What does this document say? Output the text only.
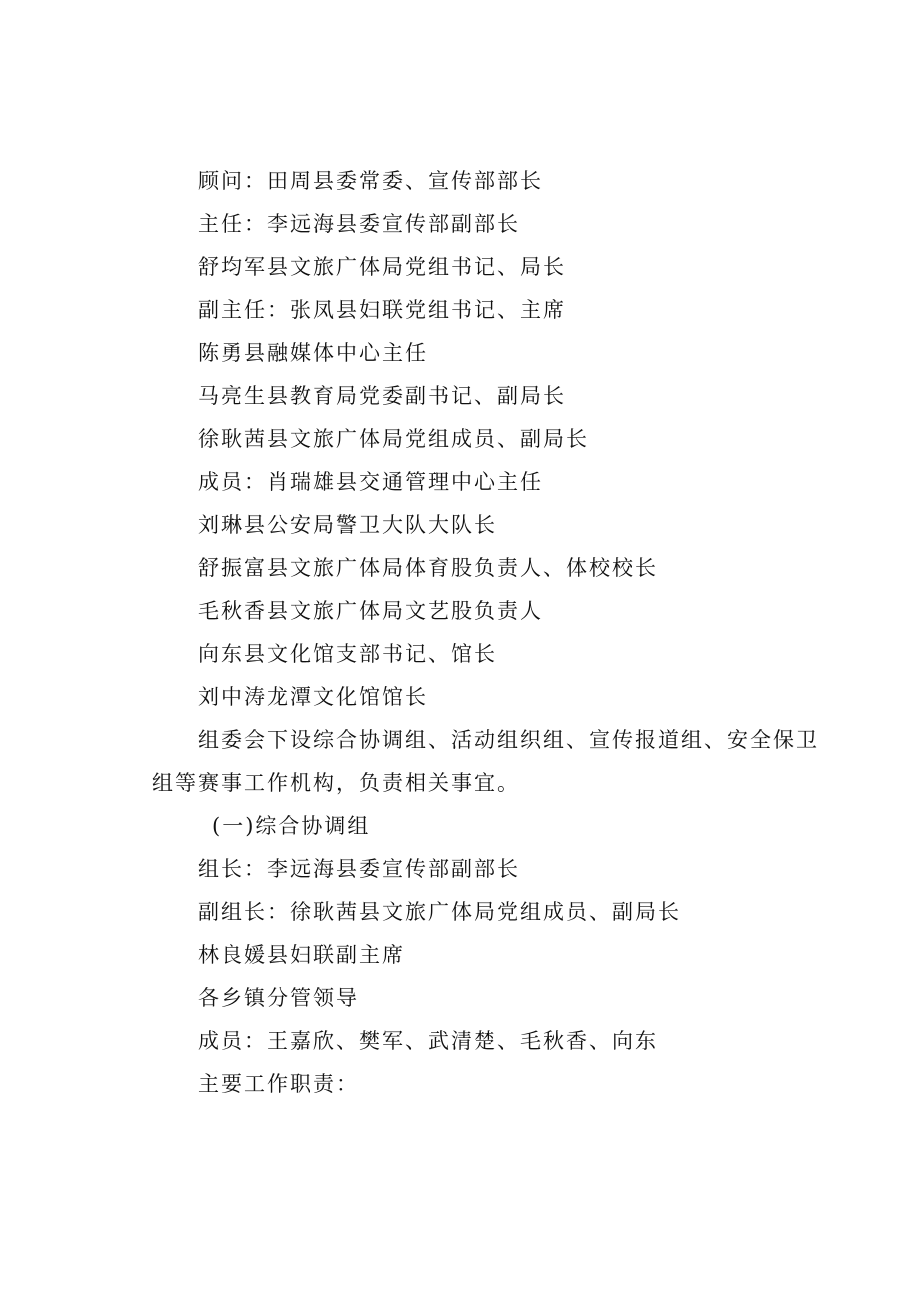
顾问：田周县委常委、宣传部部长
主任：李远海县委宣传部副部长
舒均军县文旅广体局党组书记、局长
副主任：张凤县妇联党组书记、主席
陈勇县融媒体中心主任
马亮生县教育局党委副书记、副局长
徐耿茜县文旅广体局党组成员、副局长
成员：肖瑞雄县交通管理中心主任
刘琳县公安局警卫大队大队长
舒振富县文旅广体局体育股负责人、体校校长
毛秋香县文旅广体局文艺股负责人
向东县文化馆支部书记、馆长
刘中涛龙潭文化馆馆长
组委会下设综合协调组、活动组织组、宣传报道组、安全保卫
组等赛事工作机构，负责相关事宜。
(一)综合协调组
组长：李远海县委宣传部副部长
副组长：徐耿茜县文旅广体局党组成员、副局长
林良媛县妇联副主席
各乡镇分管领导
成员：王嘉欣、樊军、武清楚、毛秋香、向东
主要工作职责：
